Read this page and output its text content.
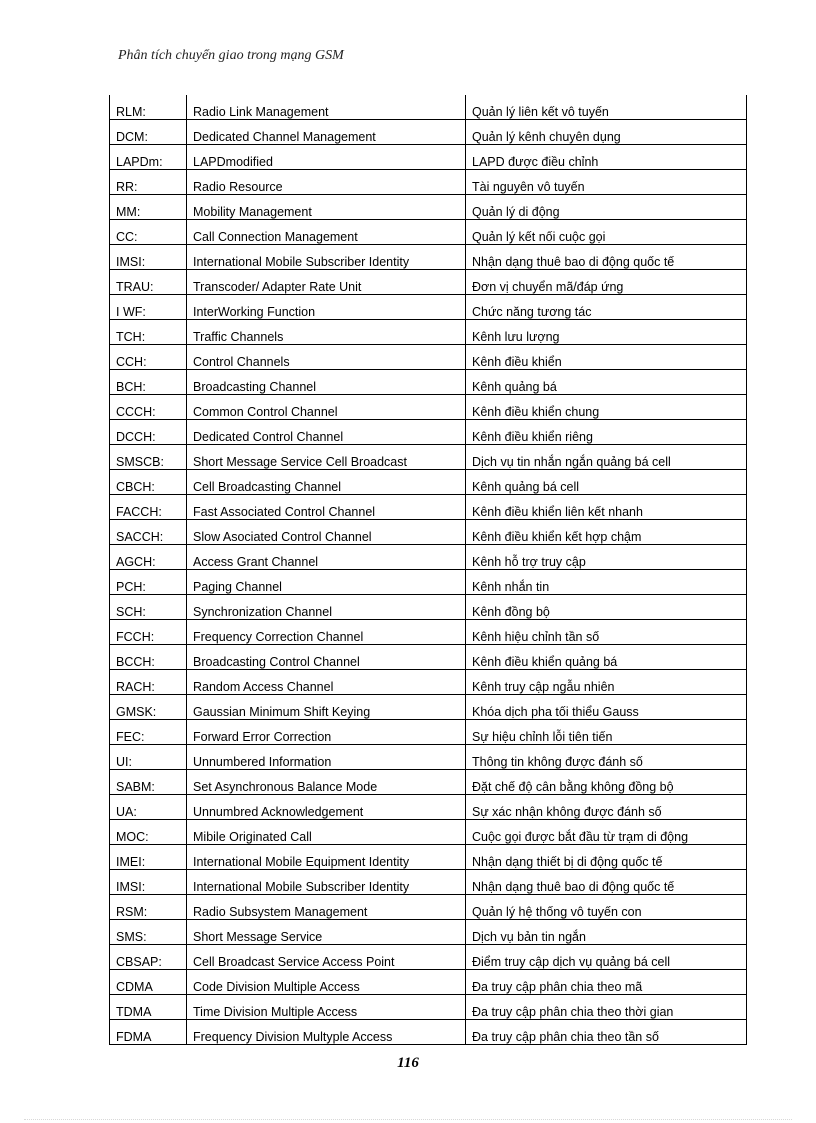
Phân tích chuyển giao trong mạng GSM
RLM:	Radio Link Management	Quản lý liên kết vô tuyến
DCM:	Dedicated Channel Management	Quản lý kênh chuyên dụng
LAPDm:	LAPDmodified	LAPD được điều chỉnh
RR:	Radio Resource	Tài nguyên vô tuyến
MM:	Mobility Management	Quản lý di động
CC:	Call Connection Management	Quản lý kết nối cuộc gọi
IMSI:	International Mobile Subscriber Identity	Nhận dạng thuê bao di động quốc tế
TRAU:	Transcoder/ Adapter Rate Unit	Đơn vị chuyển mã/đáp ứng
I WF:	InterWorking Function	Chức năng tương tác
TCH:	Traffic Channels	Kênh lưu lượng
CCH:	Control Channels	Kênh điều khiển
BCH:	Broadcasting Channel	Kênh quảng bá
CCCH:	Common Control Channel	Kênh điều khiển chung
DCCH:	Dedicated Control Channel	Kênh điều khiển riêng
SMSCB:	Short Message Service Cell Broadcast	Dịch vụ tin nhắn ngắn quảng bá cell
CBCH:	Cell Broadcasting Channel	Kênh quảng bá cell
FACCH:	Fast Associated Control Channel	Kênh điều khiển liên kết nhanh
SACCH:	Slow Asociated Control Channel	Kênh điều khiển kết hợp chậm
AGCH:	Access Grant Channel	Kênh hỗ trợ truy cập
PCH:	Paging Channel	Kênh nhắn tin
SCH:	Synchronization Channel	Kênh đồng bộ
FCCH:	Frequency Correction Channel	Kênh hiệu chỉnh tần số
BCCH:	Broadcasting Control Channel	Kênh điều khiển quảng bá
RACH:	Random Access Channel	Kênh truy cập ngẫu nhiên
GMSK:	Gaussian Minimum Shift Keying	Khóa dịch pha tối thiểu Gauss
FEC:	Forward Error Correction	Sự hiệu chỉnh lỗi tiên tiến
UI:	Unnumbered Information	Thông tin không được đánh số
SABM:	Set Asynchronous Balance Mode	Đặt chế độ cân bằng không đồng bộ
UA:	Unnumbred Acknowledgement	Sự xác nhận không được đánh số
MOC:	Mibile Originated Call	Cuộc gọi được bắt đầu từ trạm di động
IMEI:	International Mobile Equipment Identity	Nhận dạng thiết bị di động quốc tế
IMSI:	International Mobile Subscriber Identity	Nhận dạng thuê bao di động quốc tế
RSM:	Radio Subsystem Management	Quản lý hệ thống vô tuyến con
SMS:	Short Message Service	Dịch vụ bản tin ngắn
CBSAP:	Cell Broadcast Service Access Point	Điểm truy cập dịch vụ quảng bá cell
CDMA	Code Division Multiple Access	Đa truy cập phân chia theo mã
TDMA	Time Division Multiple Access	Đa truy cập phân chia theo thời gian
FDMA	Frequency Division Multyple Access	Đa truy cập phân chia theo tần số
116
